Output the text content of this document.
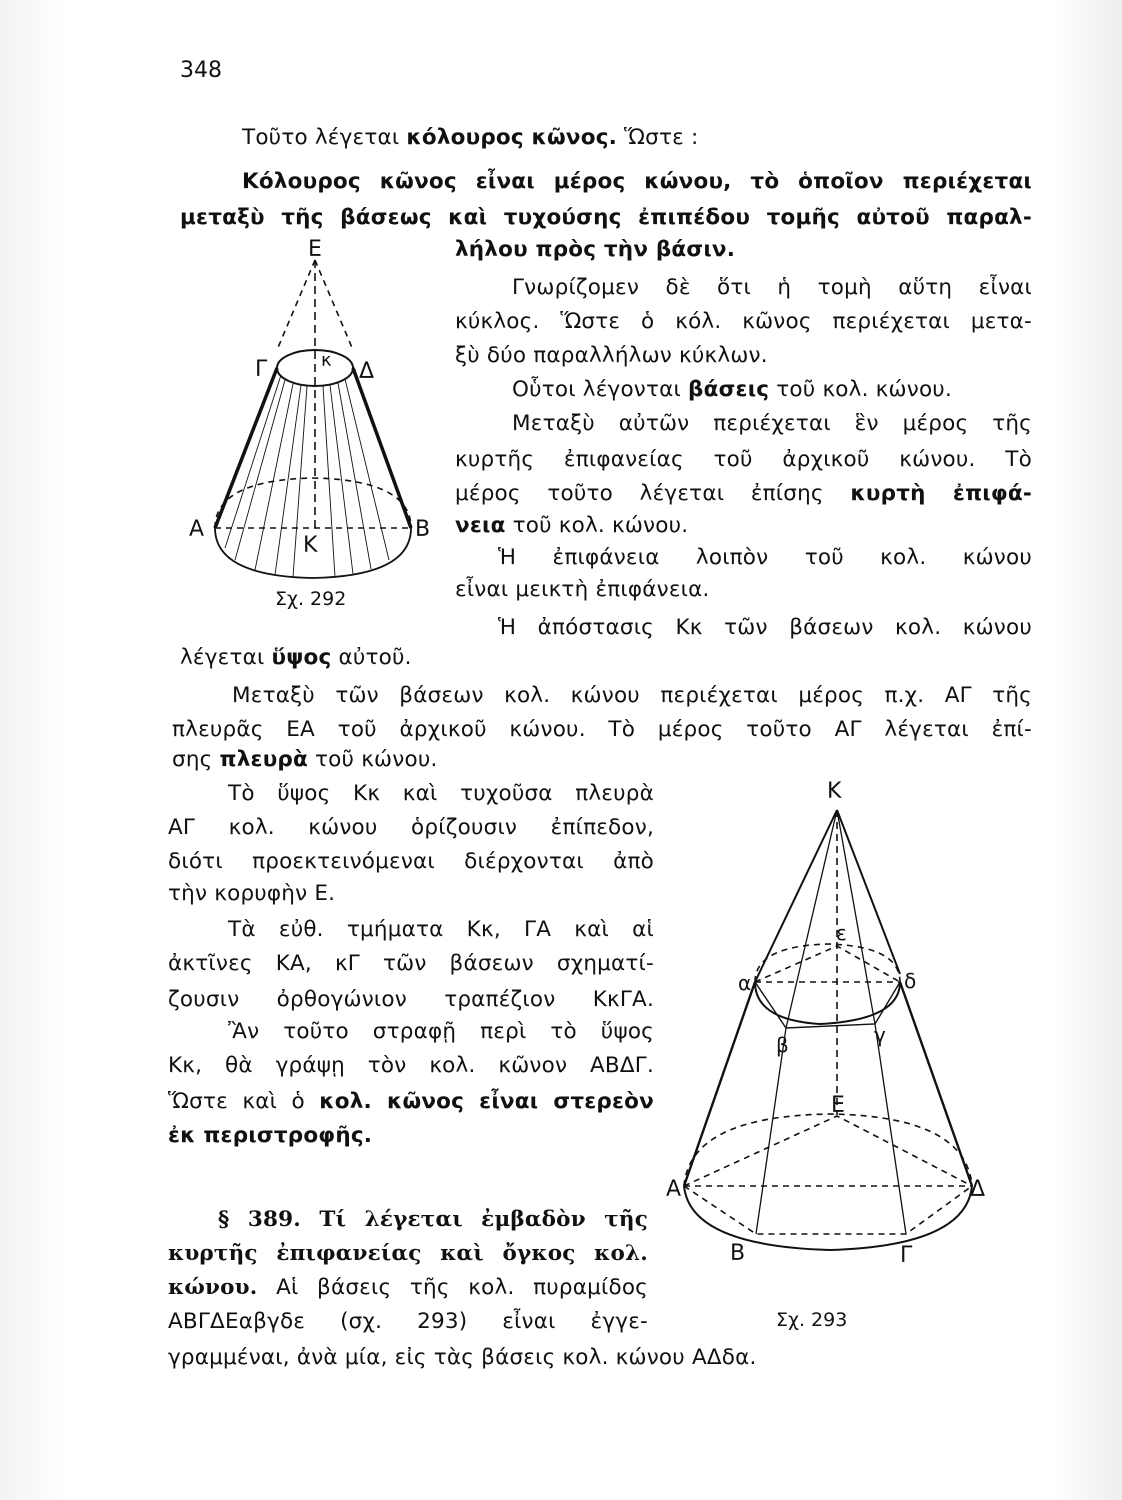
348
Τοῦτο λέγεται κόλουρος κῶνος. Ὥστε :
Κόλουρος κῶνος εἶναι μέρος κώνου, τὸ ὁποῖον περιέχεται
μεταξὺ τῆς βάσεως καὶ τυχούσης ἐπιπέδου τομῆς αὐτοῦ παραλ-
λήλου πρὸς τὴν βάσιν.
Γνωρίζομεν δὲ ὅτι ἡ τομὴ αὕτη εἶναι
κύκλος. Ὥστε ὁ κόλ. κῶνος περιέχεται μετα-
ξὺ δύο παραλλήλων κύκλων.
Οὗτοι λέγονται βάσεις τοῦ κολ. κώνου.
Μεταξὺ αὐτῶν περιέχεται ἓν μέρος τῆς
κυρτῆς ἐπιφανείας τοῦ ἀρχικοῦ κώνου. Τὸ
μέρος τοῦτο λέγεται ἐπίσης κυρτὴ ἐπιφά-
νεια τοῦ κολ. κώνου.
Ἡ ἐπιφάνεια λοιπὸν τοῦ κολ. κώνου
εἶναι μεικτὴ ἐπιφάνεια.
Ἡ ἀπόστασις Κκ τῶν βάσεων κολ. κώνου
λέγεται ὕψος αὐτοῦ.
Μεταξὺ τῶν βάσεων κολ. κώνου περιέχεται μέρος π.χ. ΑΓ τῆς
πλευρᾶς ΕΑ τοῦ ἀρχικοῦ κώνου. Τὸ μέρος τοῦτο ΑΓ λέγεται ἐπί-
σης πλευρὰ τοῦ κώνου.
Τὸ ὕψος Κκ καὶ τυχοῦσα πλευρὰ
ΑΓ κολ. κώνου ὁρίζουσιν ἐπίπεδον,
διότι προεκτεινόμεναι διέρχονται ἀπὸ
τὴν κορυφὴν Ε.
Τὰ εὐθ. τμήματα Κκ, ΓΑ καὶ αἱ
ἀκτῖνες ΚΑ, κΓ τῶν βάσεων σχηματί-
ζουσιν ὀρθογώνιον τραπέζιον ΚκΓΑ.
Ἂν τοῦτο στραφῇ περὶ τὸ ὕψος
Κκ, θὰ γράψῃ τὸν κολ. κῶνον ΑΒΔΓ.
Ὥστε καὶ ὁ κολ. κῶνος εἶναι στερεὸν
ἐκ περιστροφῆς.
§ 389. Τί λέγεται ἐμβαδὸν τῆς
κυρτῆς ἐπιφανείας καὶ ὄγκος κολ.
κώνου. Αἱ βάσεις τῆς κολ. πυραμίδος
ΑΒΓΔΕαβγδε (σχ. 293) εἶναι ἐγγε-
γραμμέναι, ἀνὰ μία, εἰς τὰς βάσεις κολ. κώνου ΑΔδα.
Ε
Γ	κ Δ
Α
Κ
Β
Σχ. 292
Κ
ε
α	δ
β	γ
Ε
Α	Δ
Β	Γ
Σχ. 293
